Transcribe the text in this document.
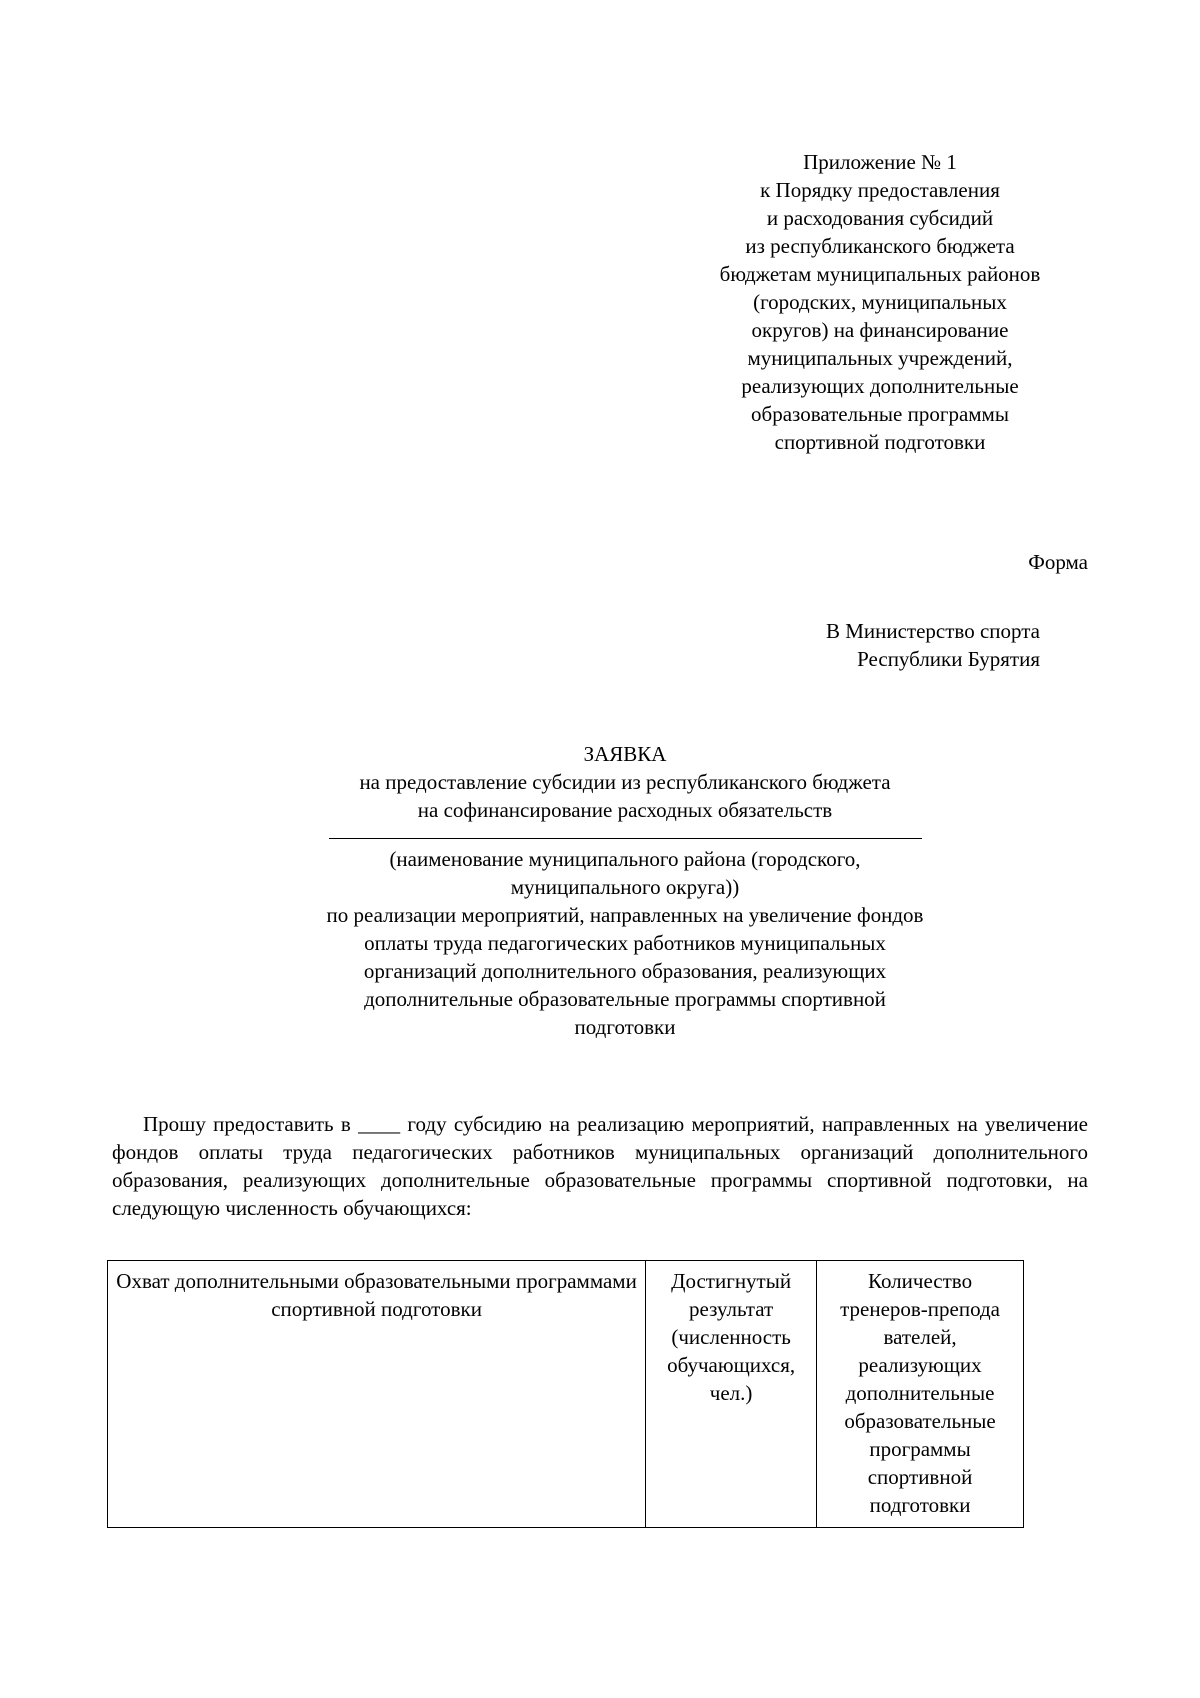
Приложение № 1
к Порядку предоставления
и расходования субсидий
из республиканского бюджета
бюджетам муниципальных районов
(городских, муниципальных
округов) на финансирование
муниципальных учреждений,
реализующих дополнительные
образовательные программы
спортивной подготовки
Форма
В Министерство спорта
Республики Бурятия
ЗАЯВКА
на предоставление субсидии из республиканского бюджета
на софинансирование расходных обязательств
(наименование муниципального района (городского,
муниципального округа))
по реализации мероприятий, направленных на увеличение фондов
оплаты труда педагогических работников муниципальных
организаций дополнительного образования, реализующих
дополнительные образовательные программы спортивной
подготовки
Прошу предоставить в ____ году субсидию на реализацию мероприятий, направленных на увеличение фондов оплаты труда педагогических работников муниципальных организаций дополнительного образования, реализующих дополнительные образовательные программы спортивной подготовки, на следующую численность обучающихся:
Охват дополнительными образовательными программами спортивной подготовки	Достигнутый результат (численность обучающихся, чел.)	Количество тренеров-препода вателей, реализующих дополнительные образовательные программы спортивной подготовки
